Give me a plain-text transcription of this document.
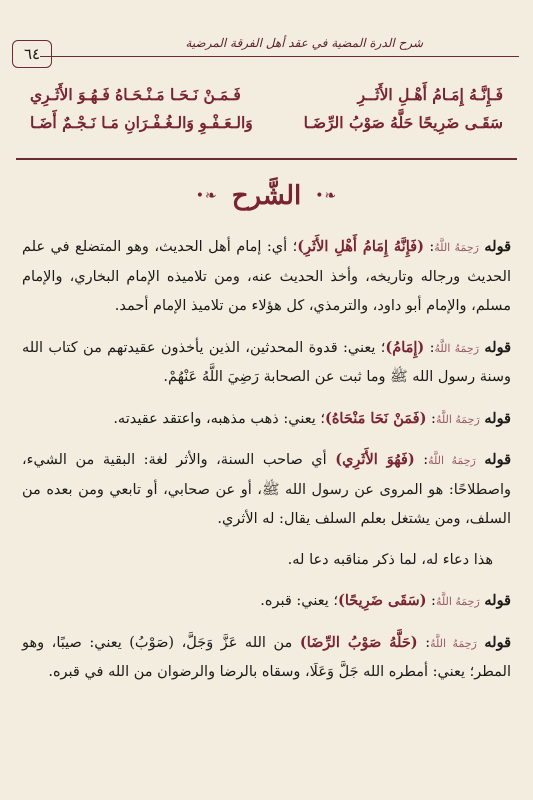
٦٤
شرح الدرة المضية في عقد أهل الفرقة المرضية
فَـإِنَّـهُ إِمَـامُ أَهْـلِ الأَثَــرِ
فَـمَـنْ نَـحَـا مَـنْـحَـاهُ فَـهُـوَ الأَثَـرِي
سَقَـى ضَرِيحًا حَلَّهُ صَوْبُ الرِّضَـا
وَالـعَـفْـوِ وَالـغُـفْـرَانِ مَـا نَـجْـمٌ أَضَـا
❧•
الشَّرح
❧•

قوله رَحِمَهُ اللَّهُ: (فَإِنَّهُ إِمَامُ أَهْلِ الأَثَرِ)؛ أي: إمام أهل الحديث، وهو المتضلع في علم الحديث ورجاله وتاريخه، وأخذ الحديث عنه، ومن تلاميذه الإمام البخاري، والإمام مسلم، والإمام أبو داود، والترمذي، كل هؤلاء من تلاميذ الإمام أحمد.

قوله رَحِمَهُ اللَّهُ: (إِمَامُ)؛ يعني: قدوة المحدثين، الذين يأخذون عقيدتهم من كتاب الله وسنة رسول الله ﷺ وما ثبت عن الصحابة رَضِيَ اللَّهُ عَنْهُمْ.

قوله رَحِمَهُ اللَّهُ: (فَمَنْ نَحَا مَنْحَاهُ)؛ يعني: ذهب مذهبه، واعتقد عقيدته.

قوله رَحِمَهُ اللَّهُ: (فَهُوَ الأَثَرِي) أي صاحب السنة، والأثر لغة: البقية من الشيء، واصطلاحًا: هو المروى عن رسول الله ﷺ، أو عن صحابي، أو تابعي ومن بعده من السلف، ومن يشتغل بعلم السلف يقال: له الأثري.

هذا دعاء له، لما ذكر مناقبه دعا له.

قوله رَحِمَهُ اللَّهُ: (سَقَى ضَرِيحًا)؛ يعني: قبره.

قوله رَحِمَهُ اللَّهُ: (حَلَّهُ صَوْبُ الرِّضَا) من الله عَزَّ وَجَلَّ، (صَوْبُ) يعني: صيبًا، وهو المطر؛ يعني: أمطره الله جَلَّ وَعَلَا، وسقاه بالرضا والرضوان من الله في قبره.
